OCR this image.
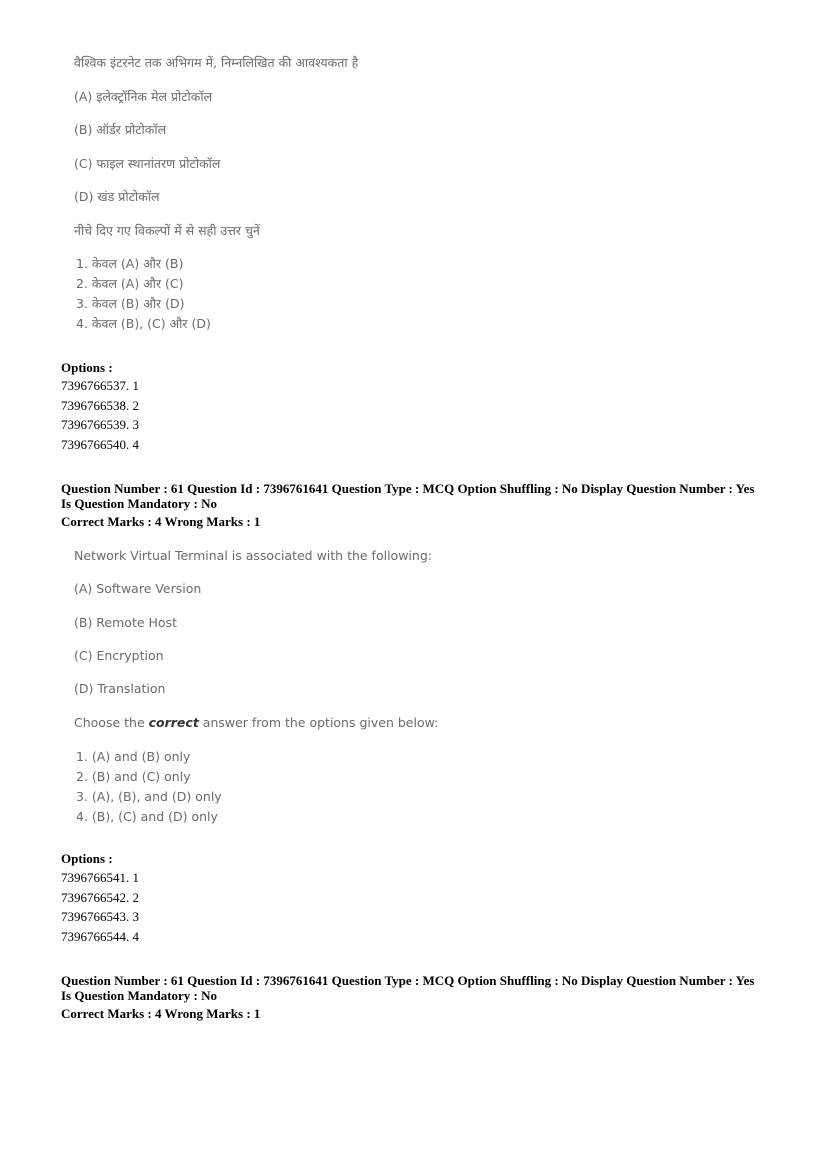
वैश्विक इंटरनेट तक अभिगम में, निम्नलिखित की आवश्यकता है
(A) इलेक्ट्रॉनिक मेल प्रोटोकॉल
(B) ऑर्डर प्रोटोकॉल
(C) फाइल स्थानांतरण प्रोटोकॉल
(D) खंड प्रोटोकॉल
नीचे दिए गए विकल्पों में से सही उत्तर चुनें
1. केवल (A) और (B)
2. केवल (A) और (C)
3. केवल (B) और (D)
4. केवल (B), (C) और (D)
Options :
7396766537. 1
7396766538. 2
7396766539. 3
7396766540. 4
Question Number : 61 Question Id : 7396761641 Question Type : MCQ Option Shuffling : No Display Question Number : Yes
Is Question Mandatory : No
Correct Marks : 4 Wrong Marks : 1
Network Virtual Terminal is associated with the following:
(A) Software Version
(B) Remote Host
(C) Encryption
(D) Translation
Choose the correct answer from the options given below:
1. (A) and (B) only
2. (B) and (C) only
3. (A), (B), and (D) only
4. (B), (C) and (D) only
Options :
7396766541. 1
7396766542. 2
7396766543. 3
7396766544. 4
Question Number : 61 Question Id : 7396761641 Question Type : MCQ Option Shuffling : No Display Question Number : Yes
Is Question Mandatory : No
Correct Marks : 4 Wrong Marks : 1
